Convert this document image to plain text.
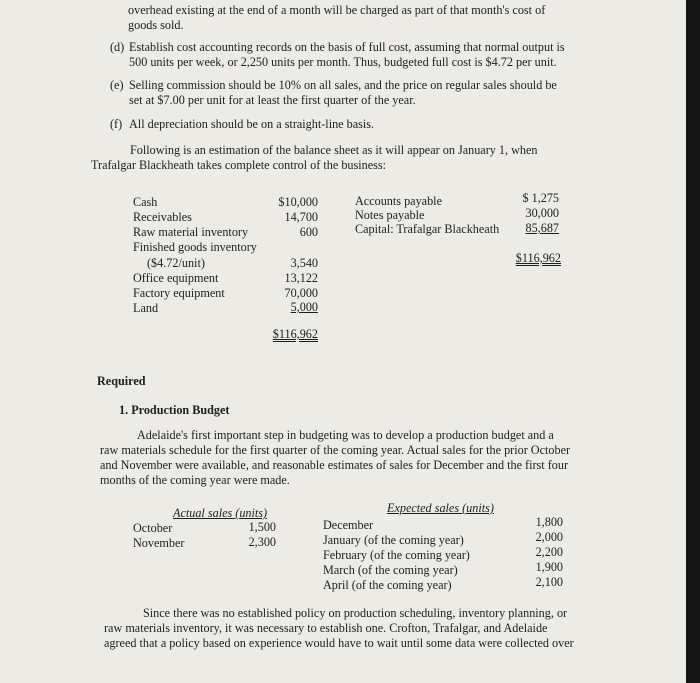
overhead existing at the end of a month will be charged as part of that month's cost of
goods sold.
(d) Establish cost accounting records on the basis of full cost, assuming that normal output is
500 units per week, or 2,250 units per month. Thus, budgeted full cost is $4.72 per unit.
(e) Selling commission should be 10% on all sales, and the price on regular sales should be
set at $7.00 per unit for at least the first quarter of the year.
(f) All depreciation should be on a straight-line basis.
Following is an estimation of the balance sheet as it will appear on January 1, when
Trafalgar Blackheath takes complete control of the business:
Cash	$10,000
Receivables	14,700
Raw material inventory	600
Finished goods inventory
($4.72/unit)	3,540
Office equipment	13,122
Factory equipment	70,000
Land	5,000
$116,962
Accounts payable	$ 1,275
Notes payable	30,000
Capital: Trafalgar Blackheath	85,687
$116,962
Required
1. Production Budget
Adelaide's first important step in budgeting was to develop a production budget and a
raw materials schedule for the first quarter of the coming year. Actual sales for the prior October
and November were available, and reasonable estimates of sales for December and the first four
months of the coming year were made.
Actual sales (units)
October	1,500
November	2,300
Expected sales (units)
December	1,800
January (of the coming year)	2,000
February (of the coming year)	2,200
March (of the coming year)	1,900
April (of the coming year)	2,100
Since there was no established policy on production scheduling, inventory planning, or
raw materials inventory, it was necessary to establish one. Crofton, Trafalgar, and Adelaide
agreed that a policy based on experience would have to wait until some data were collected over
